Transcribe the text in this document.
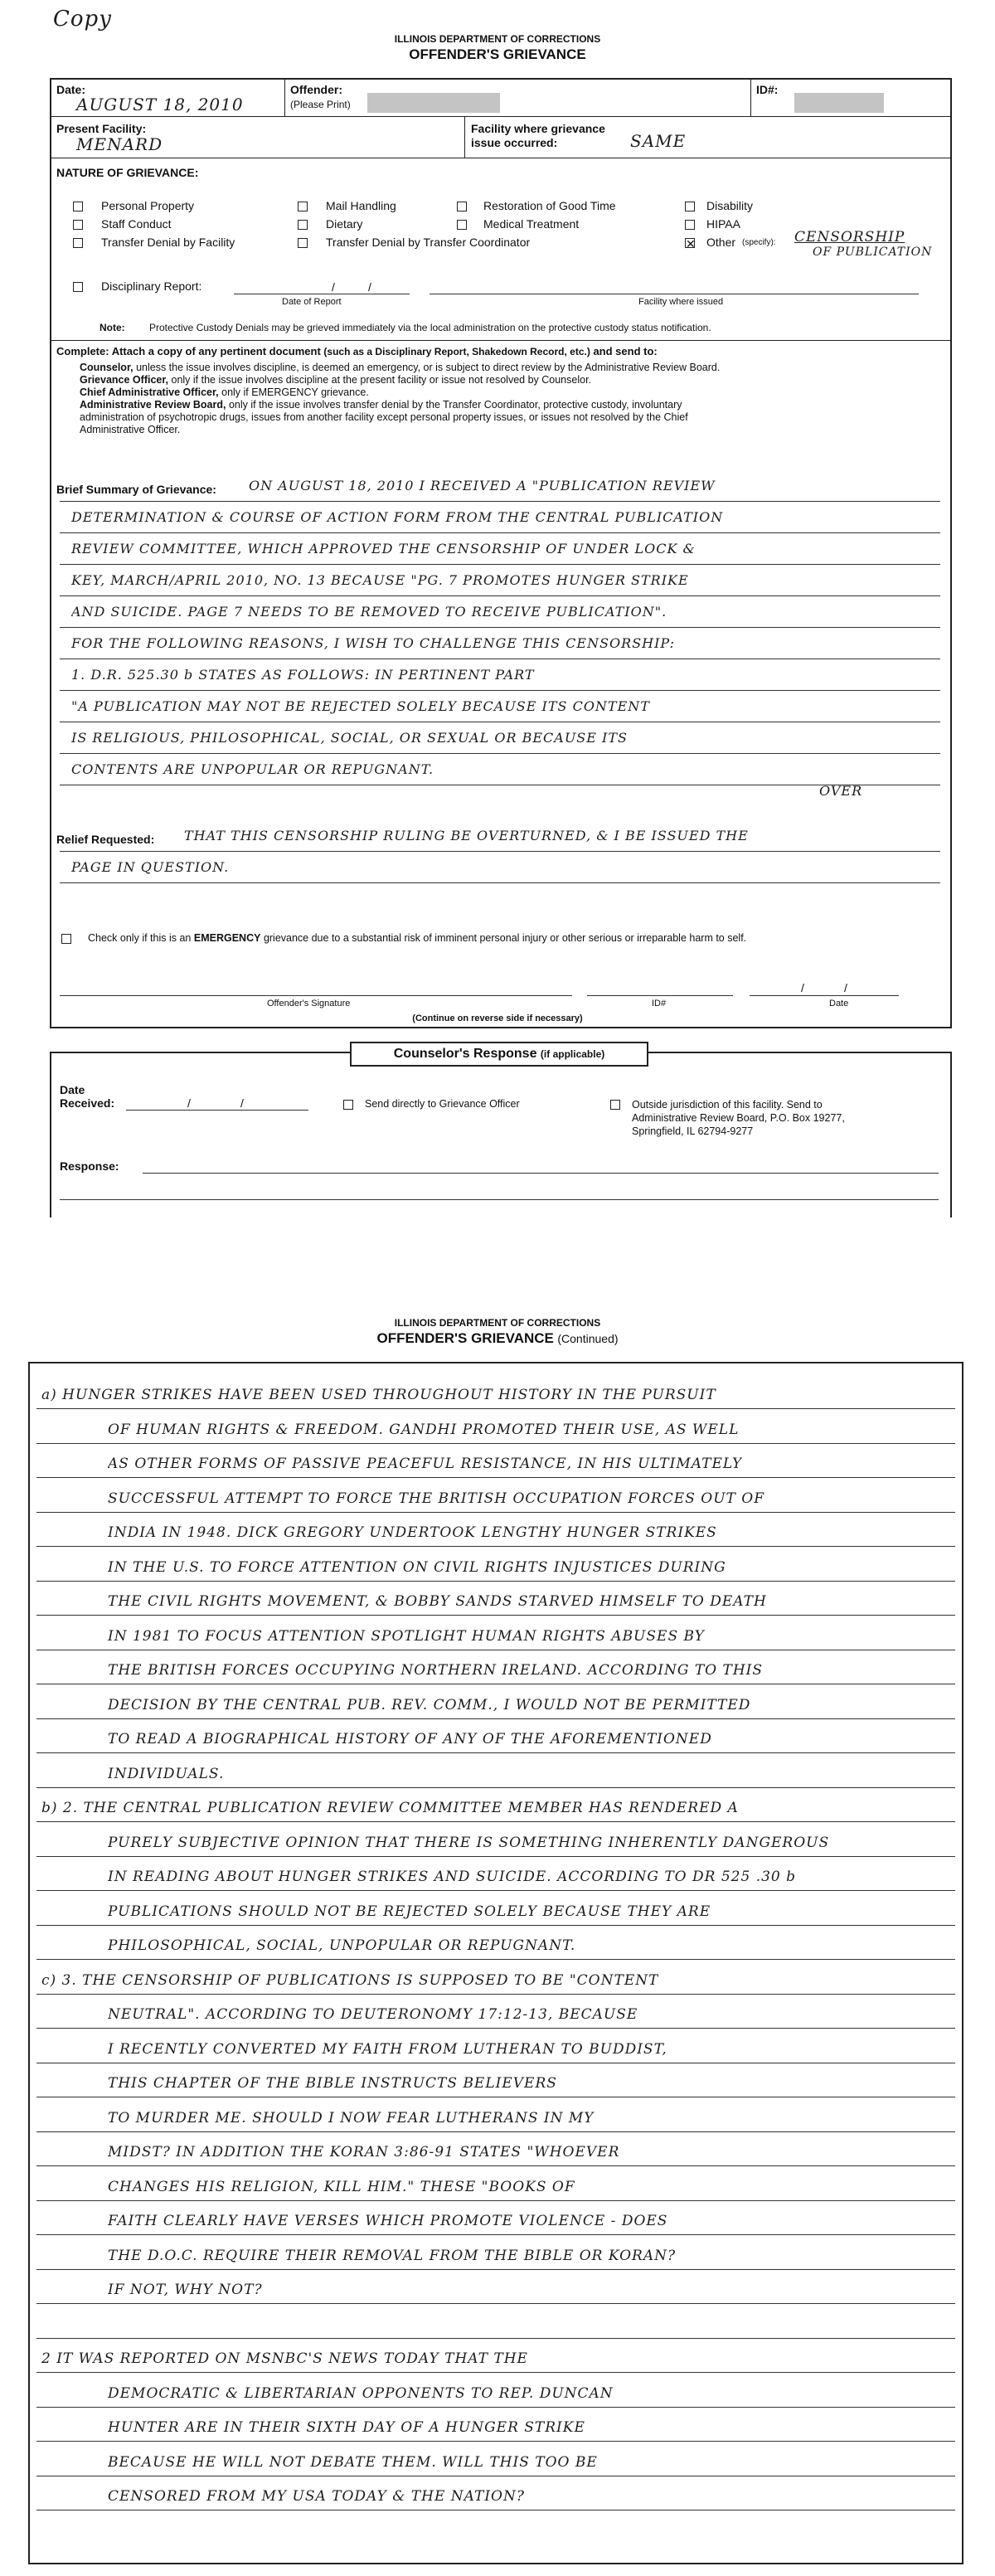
Copy
ILLINOIS DEPARTMENT OF CORRECTIONS
OFFENDER'S GRIEVANCE
Date:
AUGUST 18, 2010
Offender:
(Please Print)
ID#:
Present Facility:
MENARD
Facility where grievance issue occurred:	SAME
NATURE OF GRIEVANCE:
Personal Property
Staff Conduct
Transfer Denial by Facility
Mail Handling
Dietary
Transfer Denial by Transfer Coordinator
Restoration of Good Time
Medical Treatment
Disability
HIPAA
✕ Other (specify): CENSORSHIP
OF PUBLICATION
Disciplinary Report:	/	/
Date of Report	Facility where issued
Note: Protective Custody Denials may be grieved immediately via the local administration on the protective custody status notification.
Complete: Attach a copy of any pertinent document (such as a Disciplinary Report, Shakedown Record, etc.) and send to:
Counselor, unless the issue involves discipline, is deemed an emergency, or is subject to direct review by the Administrative Review Board.
Grievance Officer, only if the issue involves discipline at the present facility or issue not resolved by Counselor.
Chief Administrative Officer, only if EMERGENCY grievance.
Administrative Review Board, only if the issue involves transfer denial by the Transfer Coordinator, protective custody, involuntary
administration of psychotropic drugs, issues from another facility except personal property issues, or issues not resolved by the Chief
Administrative Officer.
Brief Summary of Grievance: ON AUGUST 18, 2010 I RECEIVED A "PUBLICATION REVIEW
DETERMINATION & COURSE OF ACTION FORM FROM THE CENTRAL PUBLICATION
REVIEW COMMITTEE, WHICH APPROVED THE CENSORSHIP OF UNDER LOCK &
KEY, MARCH/APRIL 2010, NO. 13 BECAUSE "PG. 7 PROMOTES HUNGER STRIKE
AND SUICIDE. PAGE 7 NEEDS TO BE REMOVED TO RECEIVE PUBLICATION".
FOR THE FOLLOWING REASONS, I WISH TO CHALLENGE THIS CENSORSHIP:
1. D.R. 525.30 b STATES AS FOLLOWS: IN PERTINENT PART
"A PUBLICATION MAY NOT BE REJECTED SOLELY BECAUSE ITS CONTENT
IS RELIGIOUS, PHILOSOPHICAL, SOCIAL, OR SEXUAL OR BECAUSE ITS
CONTENTS ARE UNPOPULAR OR REPUGNANT.
OVER
Relief Requested: THAT THIS CENSORSHIP RULING BE OVERTURNED, & I BE ISSUED THE
PAGE IN QUESTION.
Check only if this is an EMERGENCY grievance due to a substantial risk of imminent personal injury or other serious or irreparable harm to self.
/	/
Offender's Signature	ID#	Date
(Continue on reverse side if necessary)
Counselor's Response (if applicable)
Date
Received:	/	/	Send directly to Grievance Officer	Outside jurisdiction of this facility. Send to
Administrative Review Board, P.O. Box 19277,
Springfield, IL 62794-9277
Response:
ILLINOIS DEPARTMENT OF CORRECTIONS
OFFENDER'S GRIEVANCE (Continued)
a) HUNGER STRIKES HAVE BEEN USED THROUGHOUT HISTORY IN THE PURSUIT
OF HUMAN RIGHTS & FREEDOM. GANDHI PROMOTED THEIR USE, AS WELL
AS OTHER FORMS OF PASSIVE PEACEFUL RESISTANCE, IN HIS ULTIMATELY
SUCCESSFUL ATTEMPT TO FORCE THE BRITISH OCCUPATION FORCES OUT OF
INDIA IN 1948. DICK GREGORY UNDERTOOK LENGTHY HUNGER STRIKES
IN THE U.S. TO FORCE ATTENTION ON CIVIL RIGHTS INJUSTICES DURING
THE CIVIL RIGHTS MOVEMENT, & BOBBY SANDS STARVED HIMSELF TO DEATH
IN 1981 TO FOCUS ATTENTION SPOTLIGHT HUMAN RIGHTS ABUSES BY
THE BRITISH FORCES OCCUPYING NORTHERN IRELAND. ACCORDING TO THIS
DECISION BY THE CENTRAL PUB. REV. COMM., I WOULD NOT BE PERMITTED
TO READ A BIOGRAPHICAL HISTORY OF ANY OF THE AFOREMENTIONED
INDIVIDUALS.
b) 2. THE CENTRAL PUBLICATION REVIEW COMMITTEE MEMBER HAS RENDERED A
PURELY SUBJECTIVE OPINION THAT THERE IS SOMETHING INHERENTLY DANGEROUS
IN READING ABOUT HUNGER STRIKES AND SUICIDE. ACCORDING TO DR 525 .30 b
PUBLICATIONS SHOULD NOT BE REJECTED SOLELY BECAUSE THEY ARE
PHILOSOPHICAL, SOCIAL, UNPOPULAR OR REPUGNANT.
c) 3. THE CENSORSHIP OF PUBLICATIONS IS SUPPOSED TO BE "CONTENT
NEUTRAL". ACCORDING TO DEUTERONOMY 17:12-13, BECAUSE
I RECENTLY CONVERTED MY FAITH FROM LUTHERAN TO BUDDIST,
THIS CHAPTER OF THE BIBLE INSTRUCTS BELIEVERS
TO MURDER ME. SHOULD I NOW FEAR LUTHERANS IN MY
MIDST? IN ADDITION THE KORAN 3:86-91 STATES "WHOEVER
CHANGES HIS RELIGION, KILL HIM." THESE "BOOKS OF
FAITH CLEARLY HAVE VERSES WHICH PROMOTE VIOLENCE - DOES
THE D.O.C. REQUIRE THEIR REMOVAL FROM THE BIBLE OR KORAN?
IF NOT, WHY NOT?
2 IT WAS REPORTED ON MSNBC'S NEWS TODAY THAT THE
DEMOCRATIC & LIBERTARIAN OPPONENTS TO REP. DUNCAN
HUNTER ARE IN THEIR SIXTH DAY OF A HUNGER STRIKE
BECAUSE HE WILL NOT DEBATE THEM. WILL THIS TOO BE
CENSORED FROM MY USA TODAY & THE NATION?
